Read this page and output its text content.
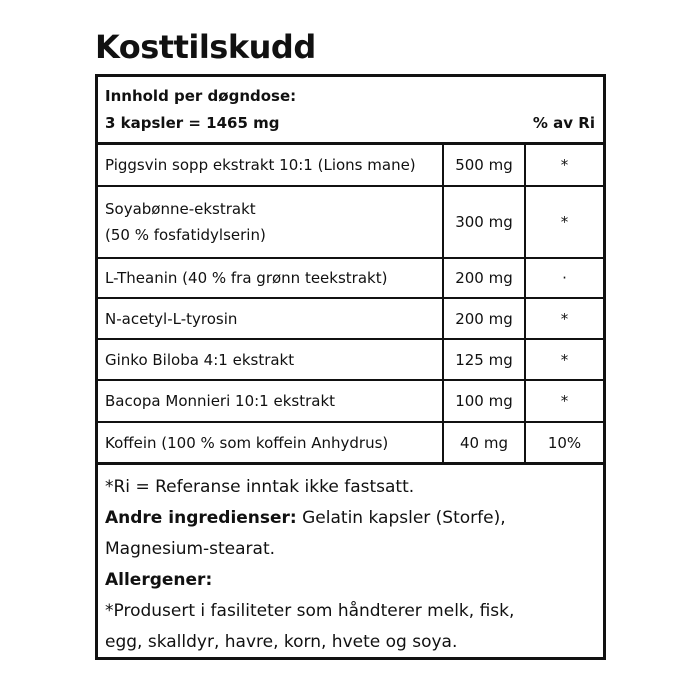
Kosttilskudd
Innhold per døgndose:
3 kapsler = 1465 mg	% av Ri
Piggsvin sopp ekstrakt 10:1 (Lions mane)	500 mg	*
Soyabønne-ekstrakt
(50 % fosfatidylserin)
300 mg	*
L-Theanin (40 % fra grønn teekstrakt)	200 mg	·
N-acetyl-L-tyrosin	200 mg	*
Ginko Biloba 4:1 ekstrakt	125 mg	*
Bacopa Monnieri 10:1 ekstrakt	100 mg	*
Koffein (100 % som koffein Anhydrus)	40 mg	10%
*Ri = Referanse inntak ikke fastsatt.
Andre ingredienser: Gelatin kapsler (Storfe),
Magnesium-stearat.
Allergener:
*Produsert i fasiliteter som håndterer melk, fisk,
egg, skalldyr, havre, korn, hvete og soya.
